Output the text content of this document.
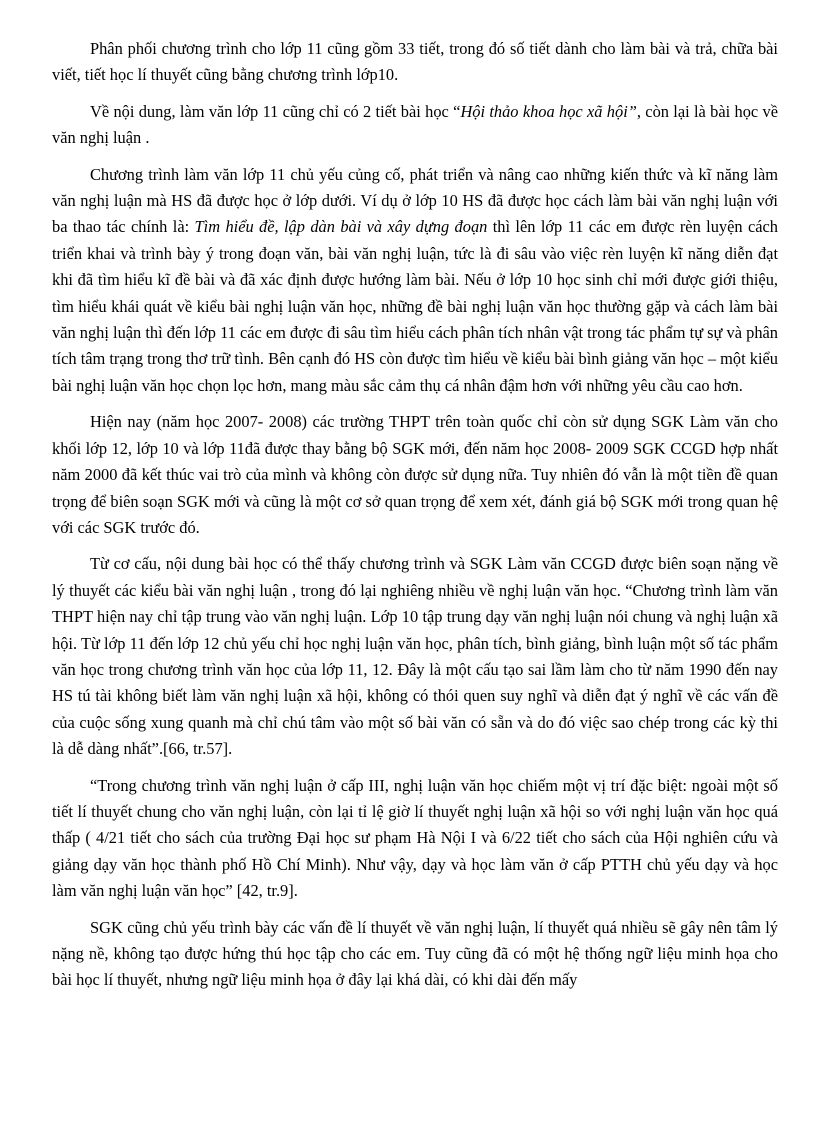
Phân phối chương trình cho lớp 11 cũng gồm 33 tiết, trong đó số tiết dành cho làm bài và trả, chữa bài viết, tiết học lí thuyết cũng bằng chương trình lớp10.

Về nội dung, làm văn lớp 11 cũng chỉ có 2 tiết bài học “Hội thảo khoa học xã hội”, còn lại là bài học về văn nghị luận .

Chương trình làm văn lớp 11 chủ yếu củng cố, phát triển và nâng cao những kiến thức và kĩ năng làm văn nghị luận mà HS đã được học ở lớp dưới. Ví dụ ở lớp 10 HS đã được học cách làm bài văn nghị luận với ba thao tác chính là: Tìm hiểu đề, lập dàn bài và xây dựng đoạn thì lên lớp 11 các em được rèn luyện cách triển khai và trình bày ý trong đoạn văn, bài văn nghị luận, tức là đi sâu vào việc rèn luyện kĩ năng diễn đạt khi đã tìm hiểu kĩ đề bài và đã xác định được hướng làm bài. Nếu ở lớp 10 học sinh chỉ mới được giới thiệu, tìm hiểu khái quát về kiểu bài nghị luận văn học, những đề bài nghị luận văn học thường gặp và cách làm bài văn nghị luận thì đến lớp 11 các em được đi sâu tìm hiểu cách phân tích nhân vật trong tác phẩm tự sự và phân tích tâm trạng trong thơ trữ tình. Bên cạnh đó HS còn được tìm hiểu về kiểu bài bình giảng văn học – một kiểu bài nghị luận văn học chọn lọc hơn, mang màu sắc cảm thụ cá nhân đậm hơn với những yêu cầu cao hơn.

Hiện nay (năm học 2007- 2008) các trường THPT trên toàn quốc chỉ còn sử dụng SGK Làm văn cho khối lớp 12, lớp 10 và lớp 11đã được thay bằng bộ SGK mới, đến năm học 2008- 2009 SGK CCGD hợp nhất năm 2000 đã kết thúc vai trò của mình và không còn được sử dụng nữa. Tuy nhiên đó vẫn là một tiền đề quan trọng để biên soạn SGK mới và cũng là một cơ sở quan trọng để xem xét, đánh giá bộ SGK mới trong quan hệ với các SGK trước đó.

Từ cơ cấu, nội dung bài học có thể thấy chương trình và SGK Làm văn CCGD được biên soạn nặng về lý thuyết các kiểu bài văn nghị luận , trong đó lại nghiêng nhiều về nghị luận văn học. “Chương trình làm văn THPT hiện nay chỉ tập trung vào văn nghị luận. Lớp 10 tập trung dạy văn nghị luận nói chung và nghị luận xã hội. Từ lớp 11 đến lớp 12 chủ yếu chỉ học nghị luận văn học, phân tích, bình giảng, bình luận một số tác phẩm văn học trong chương trình văn học của lớp 11, 12. Đây là một cấu tạo sai lầm làm cho từ năm 1990 đến nay HS tú tài không biết làm văn nghị luận xã hội, không có thói quen suy nghĩ và diễn đạt ý nghĩ về các vấn đề của cuộc sống xung quanh mà chỉ chú tâm vào một số bài văn có sẵn và do đó việc sao chép trong các kỳ thi là dễ dàng nhất”.[66, tr.57].

“Trong chương trình văn nghị luận ở cấp III, nghị luận văn học chiếm một vị trí đặc biệt: ngoài một số tiết lí thuyết chung cho văn nghị luận, còn lại tỉ lệ giờ lí thuyết nghị luận xã hội so với nghị luận văn học quá thấp ( 4/21 tiết cho sách của trường Đại học sư phạm Hà Nội I và 6/22 tiết cho sách của Hội nghiên cứu và giảng dạy văn học thành phố Hồ Chí Minh). Như vậy, dạy và học làm văn ở cấp PTTH chủ yếu dạy và học làm văn nghị luận văn học” [42, tr.9].

SGK cũng chủ yếu trình bày các vấn đề lí thuyết về văn nghị luận, lí thuyết quá nhiều sẽ gây nên tâm lý nặng nề, không tạo được hứng thú học tập cho các em. Tuy cũng đã có một hệ thống ngữ liệu minh họa cho bài học lí thuyết, nhưng ngữ liệu minh họa ở đây lại khá dài, có khi dài đến mấy
